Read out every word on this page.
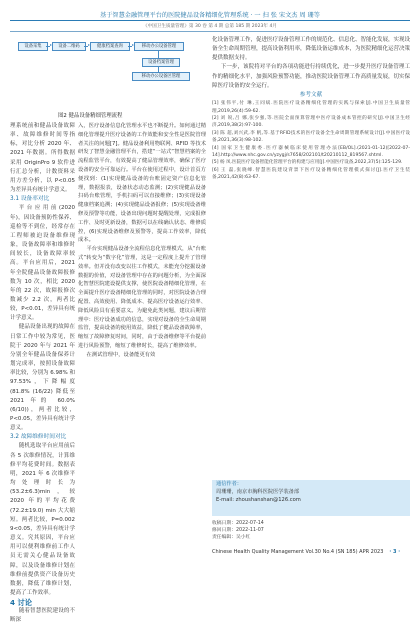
基于智慧金融管理平台的医院健品设备精细化管理系统 · 一 扫 张 宋文杰 周 珊等
《中国卫生质量管理》第 30 卷 第 4 期 总第 185 期 2023年 4月
设备采集	设备二维码	健康档案查询	移动办公设备管理
设备档案管理
移动办公设备区管理
图2 健品设备精细管理流程

理系统前和健品设备故障率、故障维修时间等指标，对比分析 2020 年、2021 年数据。所得数据采用 OriginPro 9 软件进行汇总分析，计数资料采用方差分析，以 P<0.05 为差异具有统计学意义。

3.1 设备率对比

平台应用前(2020 年)，因设备预防性保养、巡检等不到位，经常存在工程师被迫设备维修现象，设备故障率和维修时间较长，设备故障率较高。平台应用后，2021 年全院健品设备故障报修数为 10 次，相比 2020 年的 22 次，故障报修次数减少 2.2 次，两者比较，P<0.01，差异具有统计学意义。

健品设备出现的故障在日常工作中较为常见，医院于 2020 年与 2021 年分别全年健品设备保养计划完成率，按照设备故障率比较，分别为 6.98% 和 97.53%，下降幅度 (81.8% (16/22) 降低至 2021 年的 60.0% (6/10))，两者比较，P<0.05，差异具有统计学意义。

3.2 故障维修时间对比

随机选取平台应用前后各 5 次维修情况，计算维修平均花费时间。数据表明，2021 年 6 次维修平均处理时长为(53.2±6.3)min，较 2020 年的平均花费(72.2±19.0) min 大大缩短。两者比较，P=0.002 9<0.05，差异具有统计学意义。究其原因，平台应用可以便利维修前工作人员无需关心健品设备故障，以及设备维修计划在维修前提供资产设备历史数据，降低了维修计划，提高了工作效率。

4 讨论

随着智慧医院建设的不断深

化设备管理工作，促进医疗设备管理工作的规范化、信息化、智能化发展，实现设备全生命周期管理，提高设备利用率，降低设备运维成本，为医院精细化运营决策提供数据支持。

下一步，该院将对平台的各项功能进行持续优化，进一步提升医疗设备管理工作的精细化水平，加强风险预警功能，推动医院设备管理工作高质量发展，切实保障医疗设备的安全运行。

参考文献

[1] 张伟平,付 琳,王同斌.医院医疗设备精细化管理的实践与探索[J].中国卫生质量管理,2019,26(4):59-62.

[2] 刘 锐,吕 娜,张少强,等.医院全面预算管理中医疗设备成本管控的研究[J].中国卫生经济,2019,38(2):97-100.

[3] 陈 超,刘兴武,李 帆,等.基于RFID技术的医疗设备全生命周期管理系统设计[J].中国医疗设备,2021,36(3):98-102.

[4] 国家卫生健康委.医疗器械临床使用管理办法[EB/OL].(2021-01-12)[2022-07-14].http://www.nhc.gov.cn/yzygj/s7658/202101/t20210112_819567.shtml.

[5] 杨 凤.医院医疗设备智能化管理平台的构建与应用[J].中国医疗设备,2022,37(5):125-129.

[6] 王 磊,张晓峰.智慧医院建设背景下医疗设备精细化管理模式探讨[J].医疗卫生装备,2021,42(8):63-67.

通信作者：
周珊珊，南京市胸科医院医学装备部
E-mail: zhoushanshan@126.com
收稿日期：2022-07-14
修回日期：2022-11-07
责任编辑：吴小红
Chinese Health Quality Management Vol.30 No.4 (SN 185) APR 2023 · 3 ·

入，医疗设备信息化管理水平也不断提升。如何通过精细化管理提升医疗设备的工作效能和安全性是医院管理者关注的问题[7]。健品设备利用物联网、RFID 等技术研发了智慧金融管理平台，搭建“一站式”智慧档案的全流程监管平台，有效提高了健品管理效率，确保了医疗设备的安全可靠运行。平台在使用过程中，设计首页方便找到：(1)实现健品设备的台账固定资产信息化管理，数据报表，设备状态动态监测；(2)实现健品设备扫码台账管理，手机扫码可以直接维修；(3)实现设备健康档案追溯；(4)实现健品设备报修；(5)实现设备维修及预警等功能，设备出现问题时提醒处理，完成报修工作、及时更新设备，数据可以在线确认状态、维修质控，(6)实现设备维修及预警等，提高工作效率，降低成本。

平台实现健品设备全流程信息化管理模式，从“台账式”转变为“数字化”管理，这是一定程度上提升了管理效率。但并没有改变以往工作模式，未能充分挖掘设备数据的价值，对设备管理中存在的问题分析，为全面深化智慧医院建设提供支撑，使医院设备精细化管理，在全面提升医疗设备精细化管理的同时，对医院设备合理配置、高效使用、降低成本、提高医疗设备运行效率、降低风险具有重要意义。为避免此类问题，建议后期管理中：医疗设备成功的信息，实现对设备的全生命周期监管，提高设备的使用效益，降低了健品设备故障率，缩短了故障修复时间，同时，由于设备维修等平台提前进行风险预警，缩短了维修时长，提高了维修效率。

在测试管理中，设备能更有效
